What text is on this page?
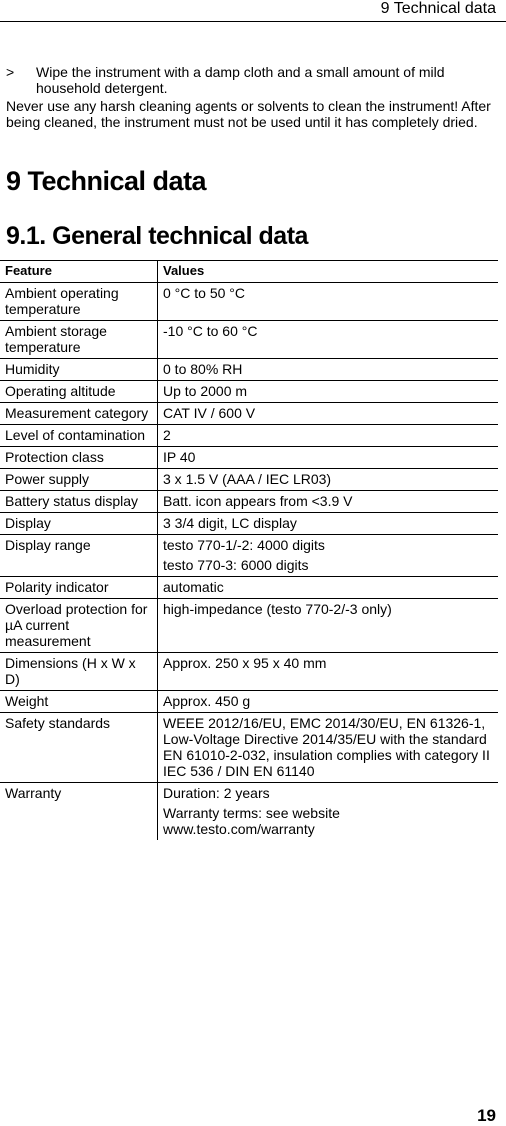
9 Technical data
> Wipe the instrument with a damp cloth and a small amount of mild household detergent.
Never use any harsh cleaning agents or solvents to clean the instrument! After being cleaned, the instrument must not be used until it has completely dried.
9 Technical data
9.1. General technical data
Feature	Values
Ambient operating temperature	0 °C to 50 °C

Ambient storage temperature	-10 °C to 60 °C

Humidity	0 to 80% RH

Operating altitude	Up to 2000 m

Measurement category	CAT IV / 600 V

Level of contamination	2

Protection class	IP 40

Power supply	3 x 1.5 V (AAA / IEC LR03)

Battery status display	Batt. icon appears from <3.9 V

Display	3 3/4 digit, LC display

Display range	testo 770-1/-2: 4000 digits
testo 770-3: 6000 digits

Polarity indicator	automatic

Overload protection for µA current measurement	high-impedance (testo 770-2/-3 only)

Dimensions (H x W x D)	Approx. 250 x 95 x 40 mm

Weight	Approx. 450 g

Safety standards	WEEE 2012/16/EU, EMC 2014/30/EU, EN 61326-1, Low-Voltage Directive 2014/35/EU with the standard EN 61010-2-032, insulation complies with category II IEC 536 / DIN EN 61140

Warranty	Duration: 2 years
Warranty terms: see website www.testo.com/warranty
19
